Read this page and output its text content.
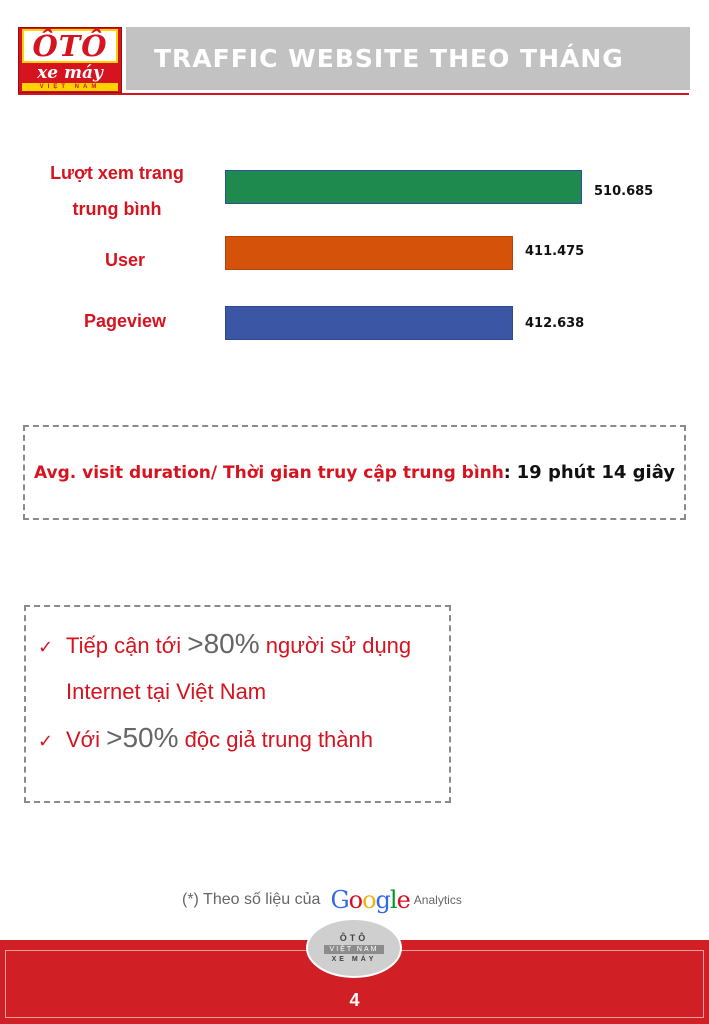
ÔTÔ
xe máy
VIỆT NAM
TRAFFIC WEBSITE THEO THÁNG
Lượt xem trang
trung bình
User
Pageview
510.685
411.475
412.638
Avg. visit duration/ Thời gian truy cập trung bình: 19 phút 14 giây
✓ Tiếp cận tới >80% người sử dụng
Internet tại Việt Nam
✓ Với >50% độc giả trung thành
(*) Theo số liệu của Google Analytics
ÔTÔ
VIỆT NAM
XE MÁY
4
